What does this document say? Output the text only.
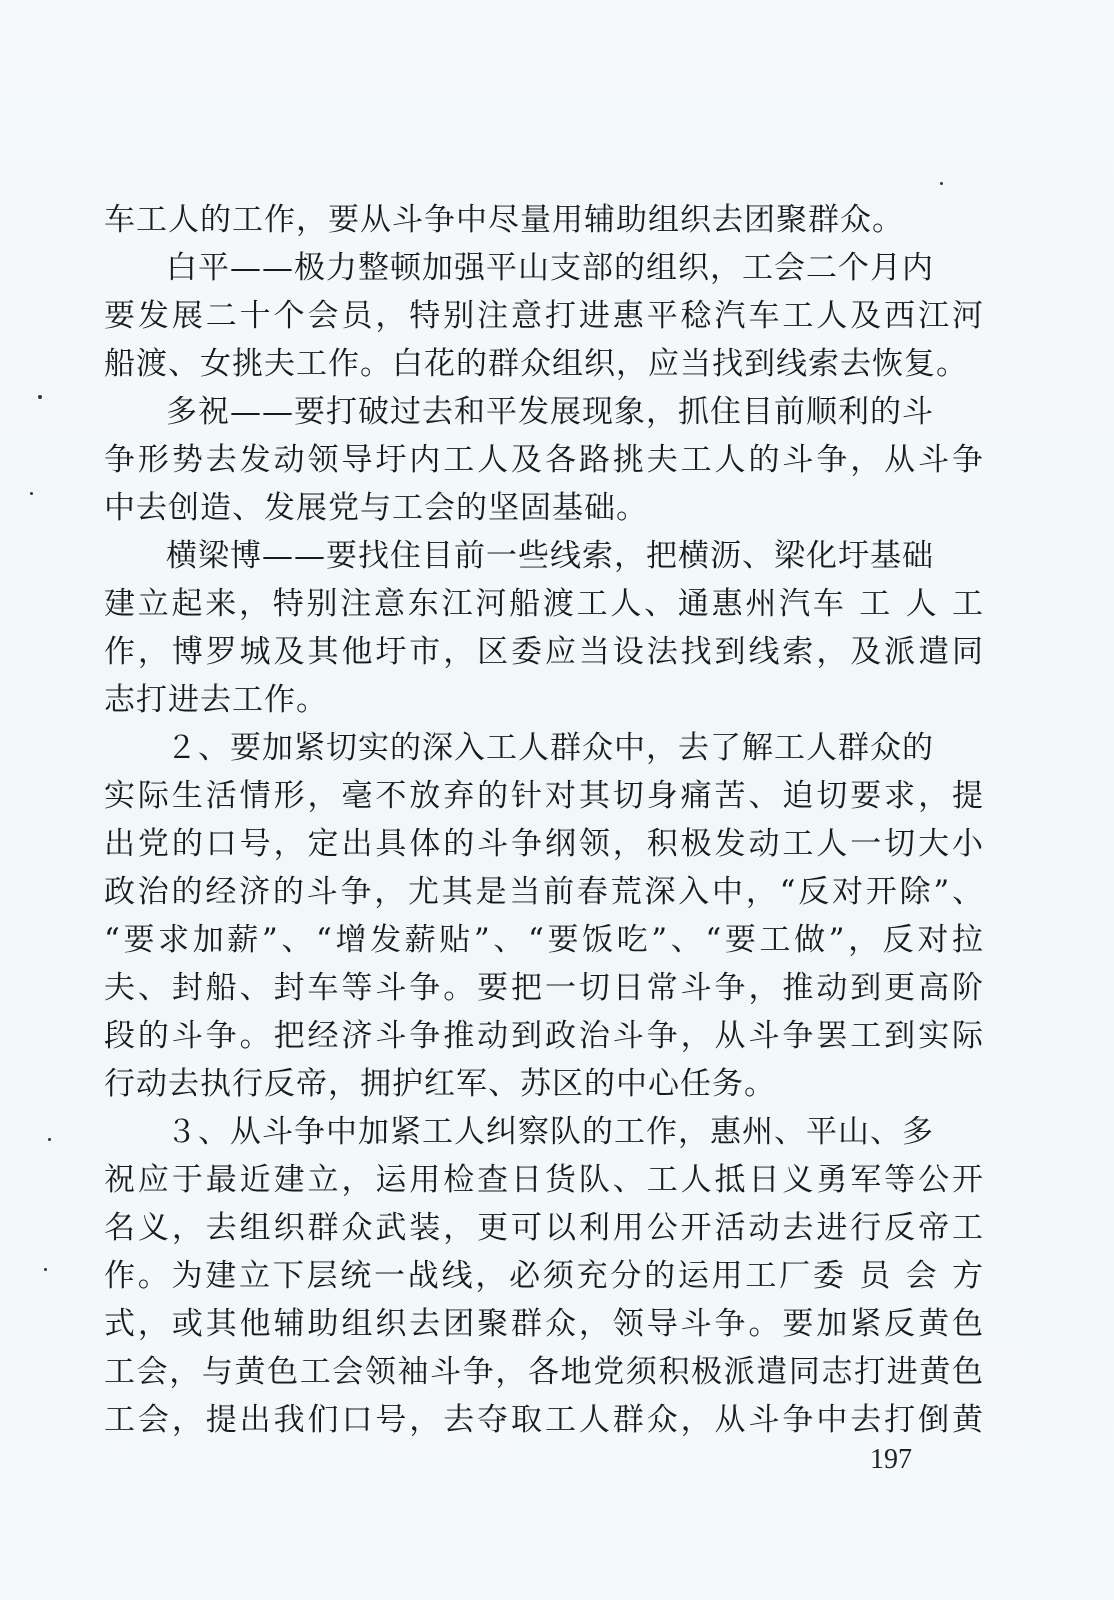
车工人的工作，要从斗争中尽量用辅助组织去团聚群众。
白平——极力整顿加强平山支部的组织，工会二个月内
要发展二十个会员，特别注意打进惠平稔汽车工人及西江河
船渡、女挑夫工作。白花的群众组织，应当找到线索去恢复。
多祝——要打破过去和平发展现象，抓住目前顺利的斗
争形势去发动领导圩内工人及各路挑夫工人的斗争，从斗争
中去创造、发展党与工会的坚固基础。
横梁博——要找住目前一些线索，把横沥、梁化圩基础
建立起来，特别注意东江河船渡工人、通惠州汽车 工 人 工
作，博罗城及其他圩市，区委应当设法找到线索，及派遣同
志打进去工作。
２、要加紧切实的深入工人群众中，去了解工人群众的
实际生活情形，毫不放弃的针对其切身痛苦、迫切要求，提
出党的口号，定出具体的斗争纲领，积极发动工人一切大小
政治的经济的斗争，尤其是当前春荒深入中，“反对开除”、
“要求加薪”、“增发薪贴”、“要饭吃”、“要工做”，反对拉
夫、封船、封车等斗争。要把一切日常斗争，推动到更高阶
段的斗争。把经济斗争推动到政治斗争，从斗争罢工到实际
行动去执行反帝，拥护红军、苏区的中心任务。
３、从斗争中加紧工人纠察队的工作，惠州、平山、多
祝应于最近建立，运用检查日货队、工人抵日义勇军等公开
名义，去组织群众武装，更可以利用公开活动去进行反帝工
作。为建立下层统一战线，必须充分的运用工厂委 员 会 方
式，或其他辅助组织去团聚群众，领导斗争。要加紧反黄色
工会，与黄色工会领袖斗争，各地党须积极派遣同志打进黄色
工会，提出我们口号，去夺取工人群众，从斗争中去打倒黄
197
